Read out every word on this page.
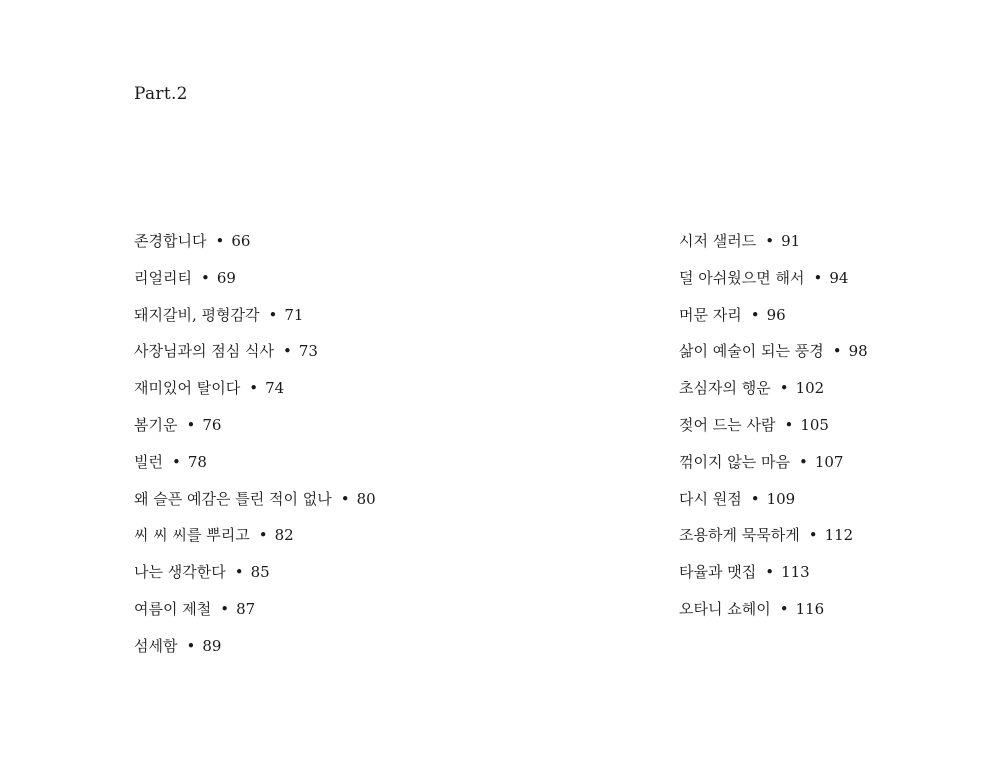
Part.2
존경합니다 • 66
리얼리티 • 69
돼지갈비, 평형감각 • 71
사장님과의 점심 식사 • 73
재미있어 탈이다 • 74
봄기운 • 76
빌런 • 78
왜 슬픈 예감은 틀린 적이 없나 • 80
씨 씨 씨를 뿌리고 • 82
나는 생각한다 • 85
여름이 제철 • 87
섬세함 • 89
시저 샐러드 • 91
덜 아쉬웠으면 해서 • 94
머문 자리 • 96
삶이 예술이 되는 풍경 • 98
초심자의 행운 • 102
젖어 드는 사람 • 105
꺾이지 않는 마음 • 107
다시 원점 • 109
조용하게 묵묵하게 • 112
타율과 맷집 • 113
오타니 쇼헤이 • 116
